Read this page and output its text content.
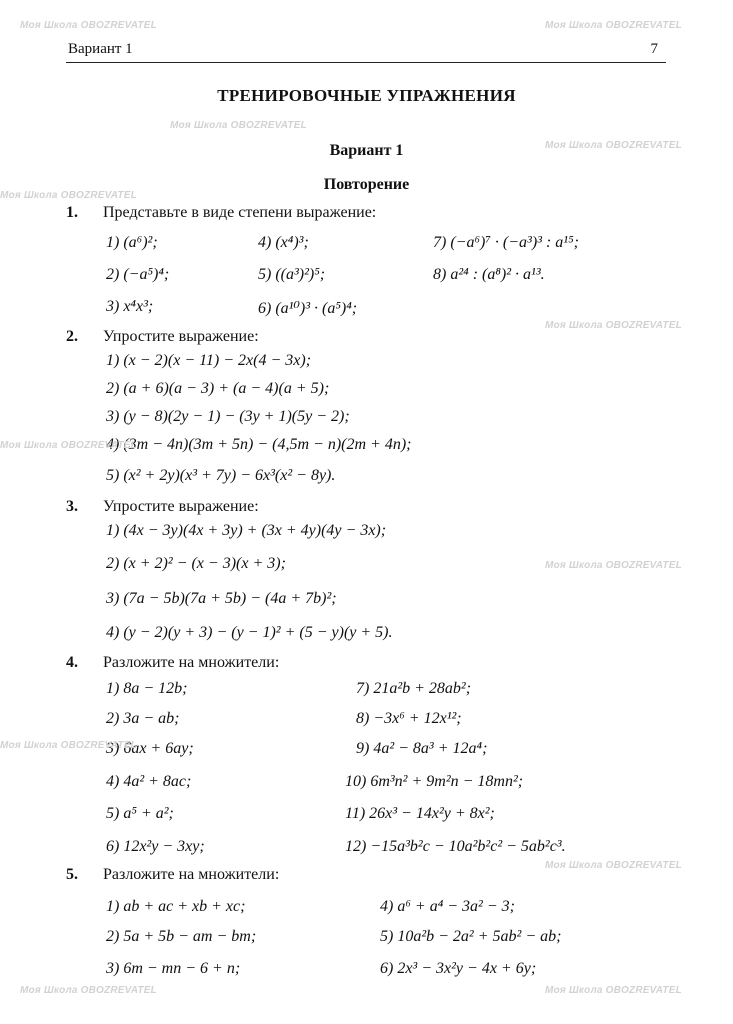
Вариант 1	7
ТРЕНИРОВОЧНЫЕ УПРАЖНЕНИЯ
Вариант 1
Повторение
1. Представьте в виде степени выражение:
1) (a⁶)²;	4) (x⁴)³;	7) (−a⁶)⁷ · (−a³)³ : a¹⁵;
2) (−a⁵)⁴;	5) ((a³)²)⁵;	8) a²⁴ : (a⁸)² · a¹³.
3) x⁴x³;	6) (a¹⁰)³ · (a⁵)⁴;
2. Упростите выражение:
1) (x − 2)(x − 11) − 2x(4 − 3x);
2) (a + 6)(a − 3) + (a − 4)(a + 5);
3) (y − 8)(2y − 1) − (3y + 1)(5y − 2);
4) (3m − 4n)(3m + 5n) − (4,5m − n)(2m + 4n);
5) (x² + 2y)(x³ + 7y) − 6x³(x² − 8y).
3. Упростите выражение:
1) (4x − 3y)(4x + 3y) + (3x + 4y)(4y − 3x);
2) (x + 2)² − (x − 3)(x + 3);
3) (7a − 5b)(7a + 5b) − (4a + 7b)²;
4) (y − 2)(y + 3) − (y − 1)² + (5 − y)(y + 5).
4. Разложите на множители:
1) 8a − 12b;	7) 21a²b + 28ab²;
2) 3a − ab;	8) −3x⁶ + 12x¹²;
3) 6ax + 6ay;	9) 4a² − 8a³ + 12a⁴;
4) 4a² + 8ac;	10) 6m³n² + 9m²n − 18mn²;
5) a⁵ + a²;	11) 26x³ − 14x²y + 8x²;
6) 12x²y − 3xy;	12) −15a³b²c − 10a²b²c² − 5ab²c³.
5. Разложите на множители:
1) ab + ac + xb + xc;	4) a⁶ + a⁴ − 3a² − 3;
2) 5a + 5b − am − bm;	5) 10a²b − 2a² + 5ab² − ab;
3) 6m − mn − 6 + n;	6) 2x³ − 3x²y − 4x + 6y;
Моя Школа OBOZREVATEL	Моя Школа OBOZREVATEL
Моя Школа OBOZREVATEL
Моя Школа OBOZREVATEL
Моя Школа OBOZREVATEL
Моя Школа OBOZREVATEL
Моя Школа OBOZREVATEL
Моя Школа OBOZREVATEL
Моя Школа OBOZREVATEL
Моя Школа OBOZREVATEL
Моя Школа OBOZREVATEL	Моя Школа OBOZREVATEL
